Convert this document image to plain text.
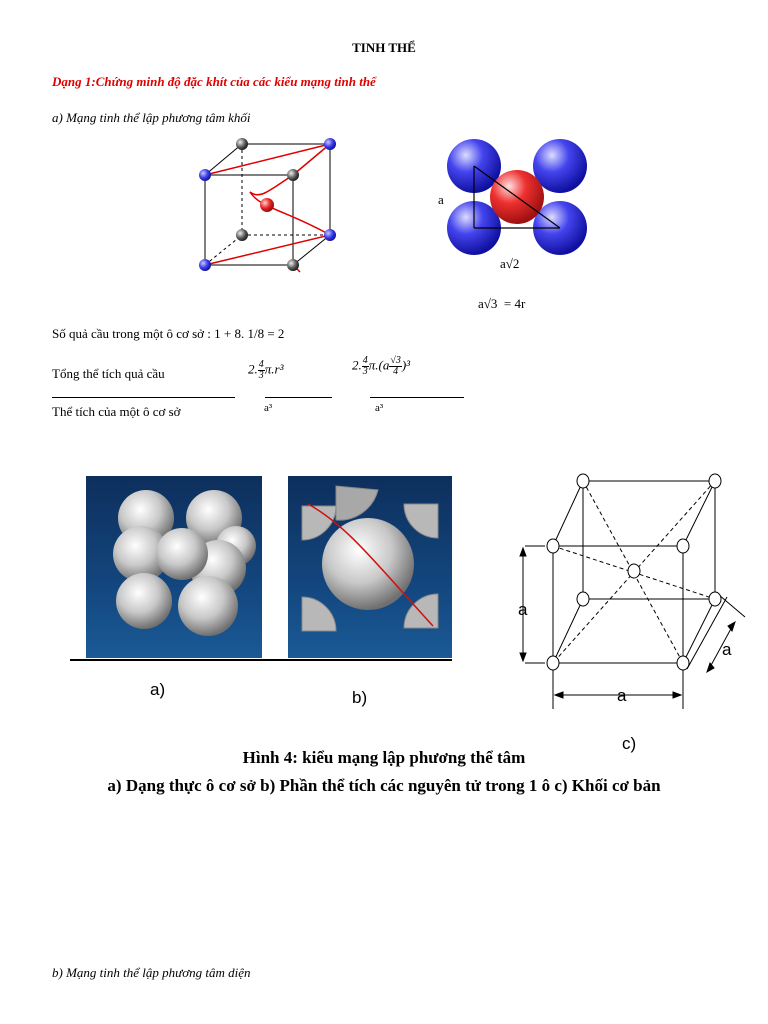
TINH THỂ
Dạng 1:Chứng minh độ đặc khít của các kiểu mạng tinh thể
a) Mạng tinh thể lập phương tâm khối
a
a√2
a√3  = 4r
Số quả cầu trong một ô cơ sở : 1 + 8. 1/8 = 2
Tổng thể tích quả cầu
Thể tích của một ô cơ sở
2. $\frac{4}{3} \pi.r^3$
a³
2. $\frac{4}{3} \pi.(a \frac{√3}{4} )^3$
a³
a)	b)
a
a
a
c)
Hình 4: kiểu mạng lập phương thể tâm
a) Dạng thực ô cơ sở b) Phần thể tích các nguyên tử trong 1 ô c) Khối cơ bản
b) Mạng tinh thể lập phương tâm diện
